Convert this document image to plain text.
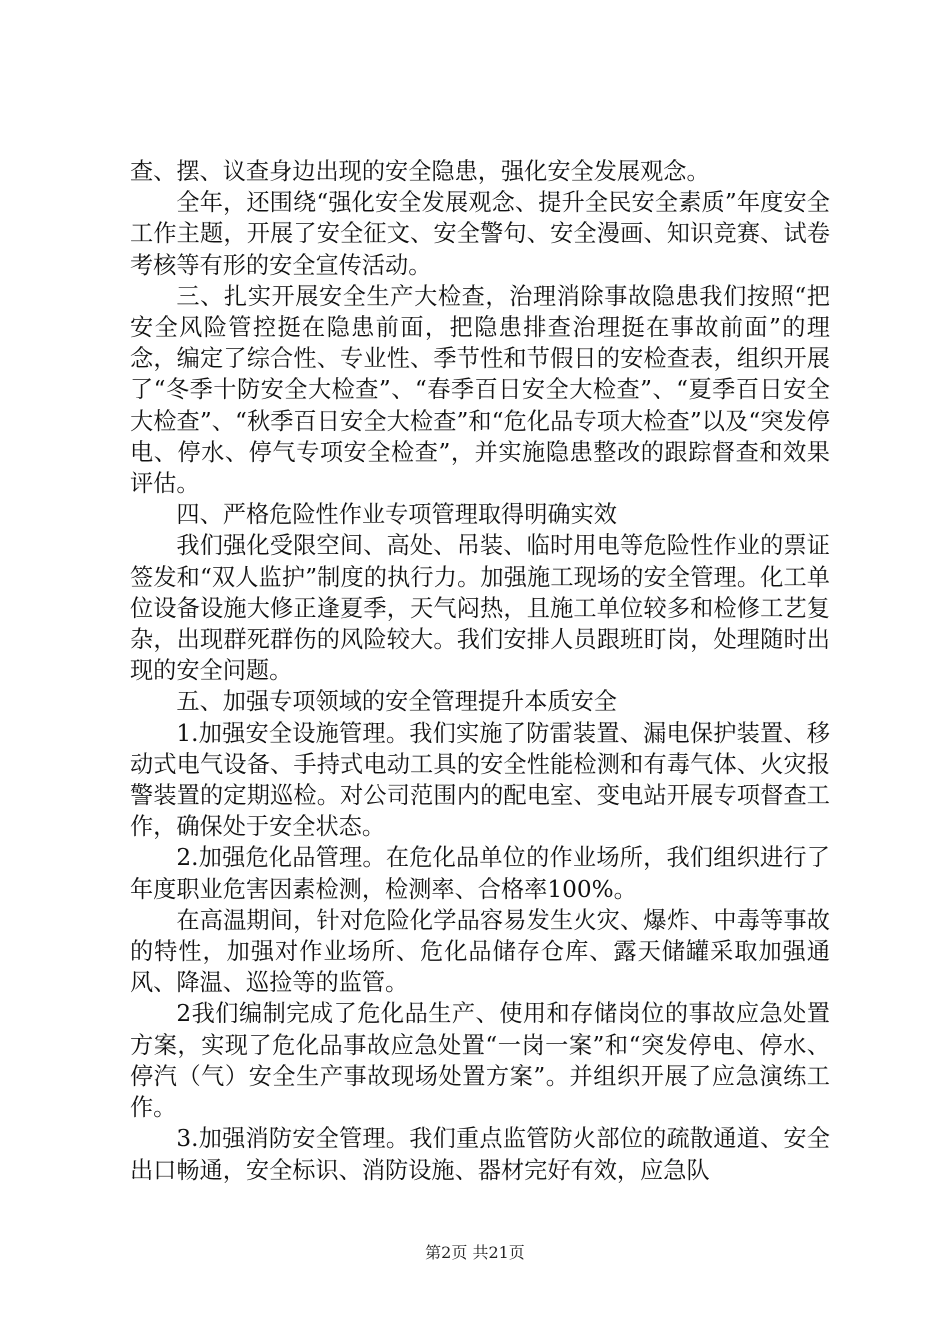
查、摆、议查身边出现的安全隐患，强化安全发展观念。

全年，还围绕“强化安全发展观念、提升全民安全素质”年度安全工作主题，开展了安全征文、安全警句、安全漫画、知识竞赛、试卷考核等有形的安全宣传活动。

三、扎实开展安全生产大检查，治理消除事故隐患我们按照“把安全风险管控挺在隐患前面，把隐患排查治理挺在事故前面”的理念，编定了综合性、专业性、季节性和节假日的安检查表，组织开展了“冬季十防安全大检查”、“春季百日安全大检查”、“夏季百日安全大检查”、“秋季百日安全大检查”和“危化品专项大检查”以及“突发停电、停水、停气专项安全检查”，并实施隐患整改的跟踪督查和效果评估。

四、严格危险性作业专项管理取得明确实效

我们强化受限空间、高处、吊装、临时用电等危险性作业的票证签发和“双人监护”制度的执行力。加强施工现场的安全管理。化工单位设备设施大修正逢夏季，天气闷热，且施工单位较多和检修工艺复杂，出现群死群伤的风险较大。我们安排人员跟班盯岗，处理随时出现的安全问题。

五、加强专项领域的安全管理提升本质安全

1.加强安全设施管理。我们实施了防雷装置、漏电保护装置、移动式电气设备、手持式电动工具的安全性能检测和有毒气体、火灾报警装置的定期巡检。对公司范围内的配电室、变电站开展专项督查工作，确保处于安全状态。

2.加强危化品管理。在危化品单位的作业场所，我们组织进行了年度职业危害因素检测，检测率、合格率100%。

在高温期间，针对危险化学品容易发生火灾、爆炸、中毒等事故的特性，加强对作业场所、危化品储存仓库、露天储罐采取加强通风、降温、巡捡等的监管。

2我们编制完成了危化品生产、使用和存储岗位的事故应急处置方案，实现了危化品事故应急处置“一岗一案”和“突发停电、停水、停汽（气）安全生产事故现场处置方案”。并组织开展了应急演练工作。

3.加强消防安全管理。我们重点监管防火部位的疏散通道、安全出口畅通，安全标识、消防设施、器材完好有效，应急队

第2页 共21页
